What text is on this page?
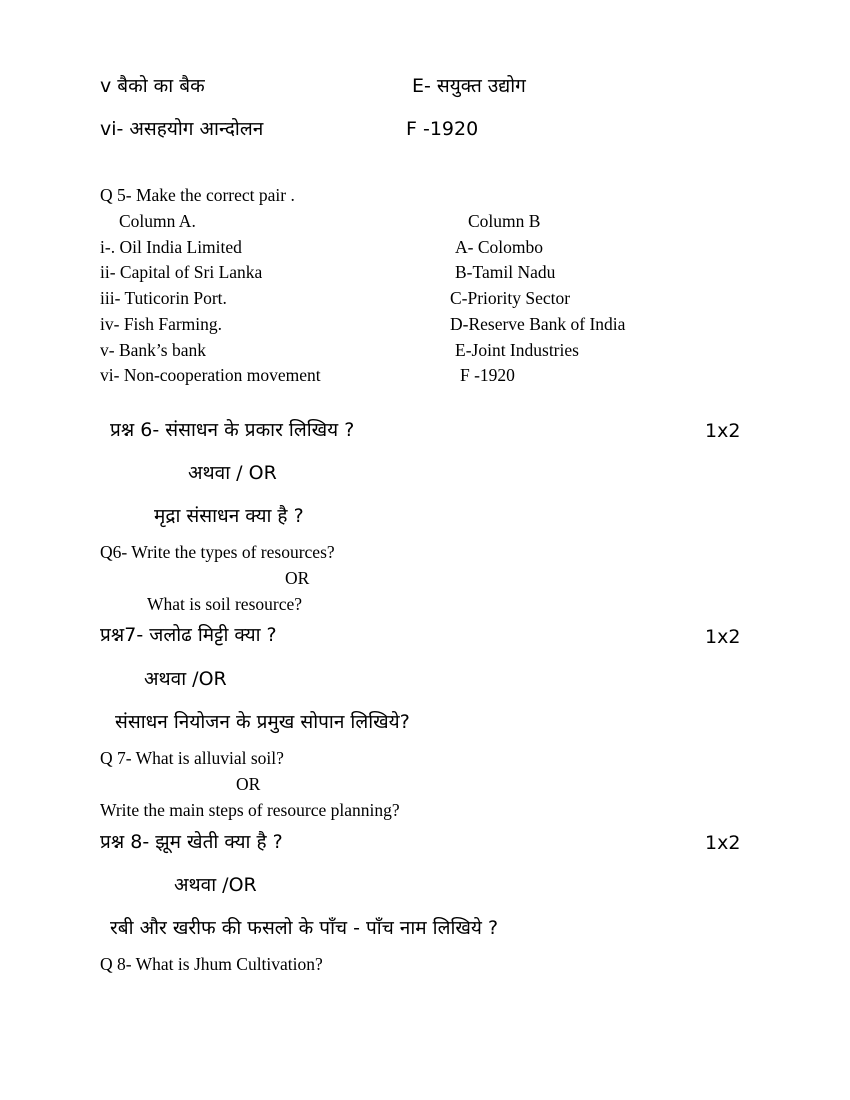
v बैको का बैक	E- सयुक्त उद्योग
vi- असहयोग आन्दोलन	F -1920
Q 5- Make the correct pair .
Column A.	Column B
i-. Oil India Limited	A- Colombo
ii- Capital of Sri Lanka	B-Tamil Nadu
iii- Tuticorin Port.	C-Priority Sector
iv- Fish Farming.	D-Reserve Bank of India
v- Bank’s bank	E-Joint Industries
vi- Non-cooperation movement	F -1920
प्रश्न 6- संसाधन के प्रकार लिखिय ?	1x2
अथवा / OR
मृद्रा संसाधन क्या है ?
Q6- Write the types of resources?
OR
What is soil resource?
प्रश्न7- जलोढ मिट्टी क्या ?	1x2
अथवा /OR
संसाधन नियोजन के प्रमुख सोपान लिखिये?
Q 7- What is alluvial soil?
OR
Write the main steps of resource planning?
प्रश्न 8- झूम खेती क्या है ?	1x2
अथवा /OR
रबी और खरीफ की फसलो के पाँच - पाँच नाम लिखिये ?
Q 8- What is Jhum Cultivation?
